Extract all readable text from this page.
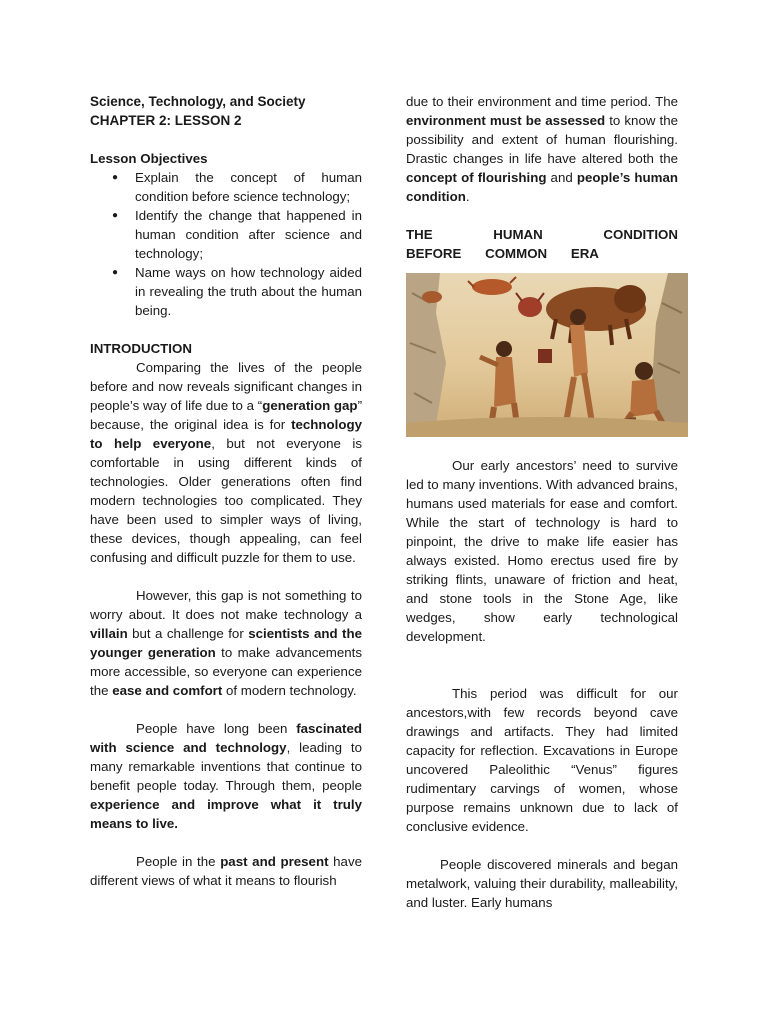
Science, Technology, and Society

CHAPTER 2: LESSON 2

Lesson Objectives

● Explain the concept of human condition before science technology;
● Identify the change that happened in human condition after science and technology;
● Name ways on how technology aided in revealing the truth about the human being.

INTRODUCTION

Comparing the lives of the people before and now reveals significant changes in people’s way of life due to a “generation gap” because, the original idea is for technology to help everyone, but not everyone is comfortable in using different kinds of technologies. Older generations often find modern technologies too complicated. They have been used to simpler ways of living, these devices, though appealing, can feel confusing and difficult puzzle for them to use.

However, this gap is not something to worry about. It does not make technology a villain but a challenge for scientists and the younger generation to make advancements more accessible, so everyone can experience the ease and comfort of modern technology.

People have long been fascinated with science and technology, leading to many remarkable inventions that continue to benefit people today. Through them, people experience and improve what it truly means to live.

People in the past and present have different views of what it means to flourish

due to their environment and time period. The environment must be assessed to know the possibility and extent of human flourishing. Drastic changes in life have altered both the concept of flourishing and people’s human condition.

THE HUMAN CONDITION BEFORE COMMON ERA

Our early ancestors’ need to survive led to many inventions. With advanced brains, humans used materials for ease and comfort. While the start of technology is hard to pinpoint, the drive to make life easier has always existed. Homo erectus used fire by striking flints, unaware of friction and heat, and stone tools in the Stone Age, like wedges, show early technological development.

This period was difficult for our ancestors,with few records beyond cave drawings and artifacts. They had limited capacity for reflection. Excavations in Europe uncovered Paleolithic “Venus” figures rudimentary carvings of women, whose purpose remains unknown due to lack of conclusive evidence.

People discovered minerals and began metalwork, valuing their durability, malleability, and luster. Early humans
